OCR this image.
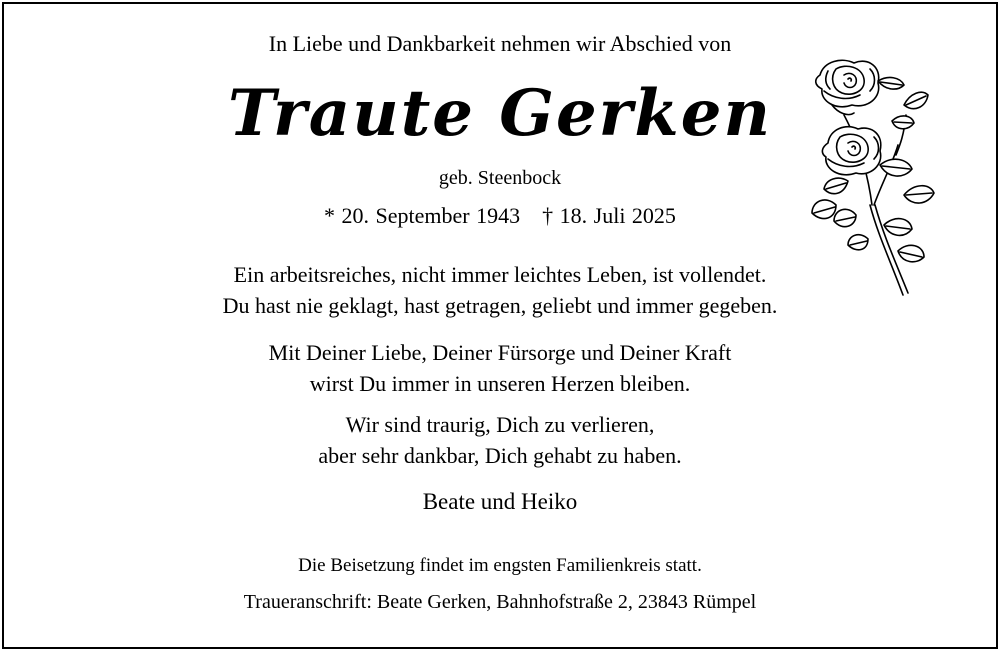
In Liebe und Dankbarkeit nehmen wir Abschied von
Traute Gerken
geb. Steenbock
* 20. September 1943 † 18. Juli 2025
Ein arbeitsreiches, nicht immer leichtes Leben, ist vollendet.
Du hast nie geklagt, hast getragen, geliebt und immer gegeben.
Mit Deiner Liebe, Deiner Fürsorge und Deiner Kraft
wirst Du immer in unseren Herzen bleiben.
Wir sind traurig, Dich zu verlieren,
aber sehr dankbar, Dich gehabt zu haben.
Beate und Heiko
Die Beisetzung findet im engsten Familienkreis statt.
Traueranschrift: Beate Gerken, Bahnhofstraße 2, 23843 Rümpel
